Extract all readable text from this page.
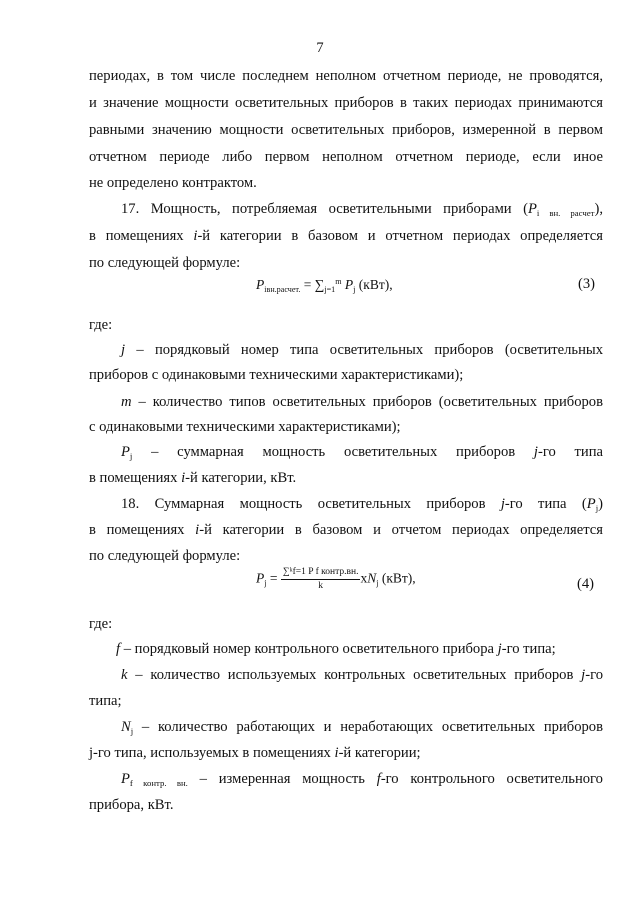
7
периодах, в том числе последнем неполном отчетном периоде, не проводятся,
и значение мощности осветительных приборов в таких периодах принимаются
равными значению мощности осветительных приборов, измеренной в первом
отчетном периоде либо первом неполном отчетном периоде, если иное
не определено контрактом.
17. Мощность, потребляемая осветительными приборами $(P_{i вн. расчет})$,
в помещениях i-й категории в базовом и отчетном периодах определяется
по следующей формуле:
$P_{iвн.расчет.} = \sum_{j=1}^m$ $P_j$ (кВт),	(3)
где:
j – порядковый номер типа осветительных приборов (осветительных
приборов с одинаковыми техническими характеристиками);
m – количество типов осветительных приборов (осветительных приборов
с одинаковыми техническими характеристиками);
$P_j$ – суммарная мощность осветительных приборов j-го типа
в помещениях i-й категории, кВт.
18. Суммарная мощность осветительных приборов j-го типа $(P_j)$
в помещениях i-й категории в базовом и отчетом периодах определяется
по следующей формуле:
$P_j = \frac{\text{∑ᵏf=1 P f контр.вн.}}{k} xN_j$ (кВт),	(4)
где:
f – порядковый номер контрольного осветительного прибора j-го типа;
k – количество используемых контрольных осветительных приборов j-го
типа;
$N_j$ – количество работающих и неработающих осветительных приборов
j-го типа, используемых в помещениях i-й категории;
$P_{f контр. вн.}$ – измеренная мощность f-го контрольного осветительного
прибора, кВт.
